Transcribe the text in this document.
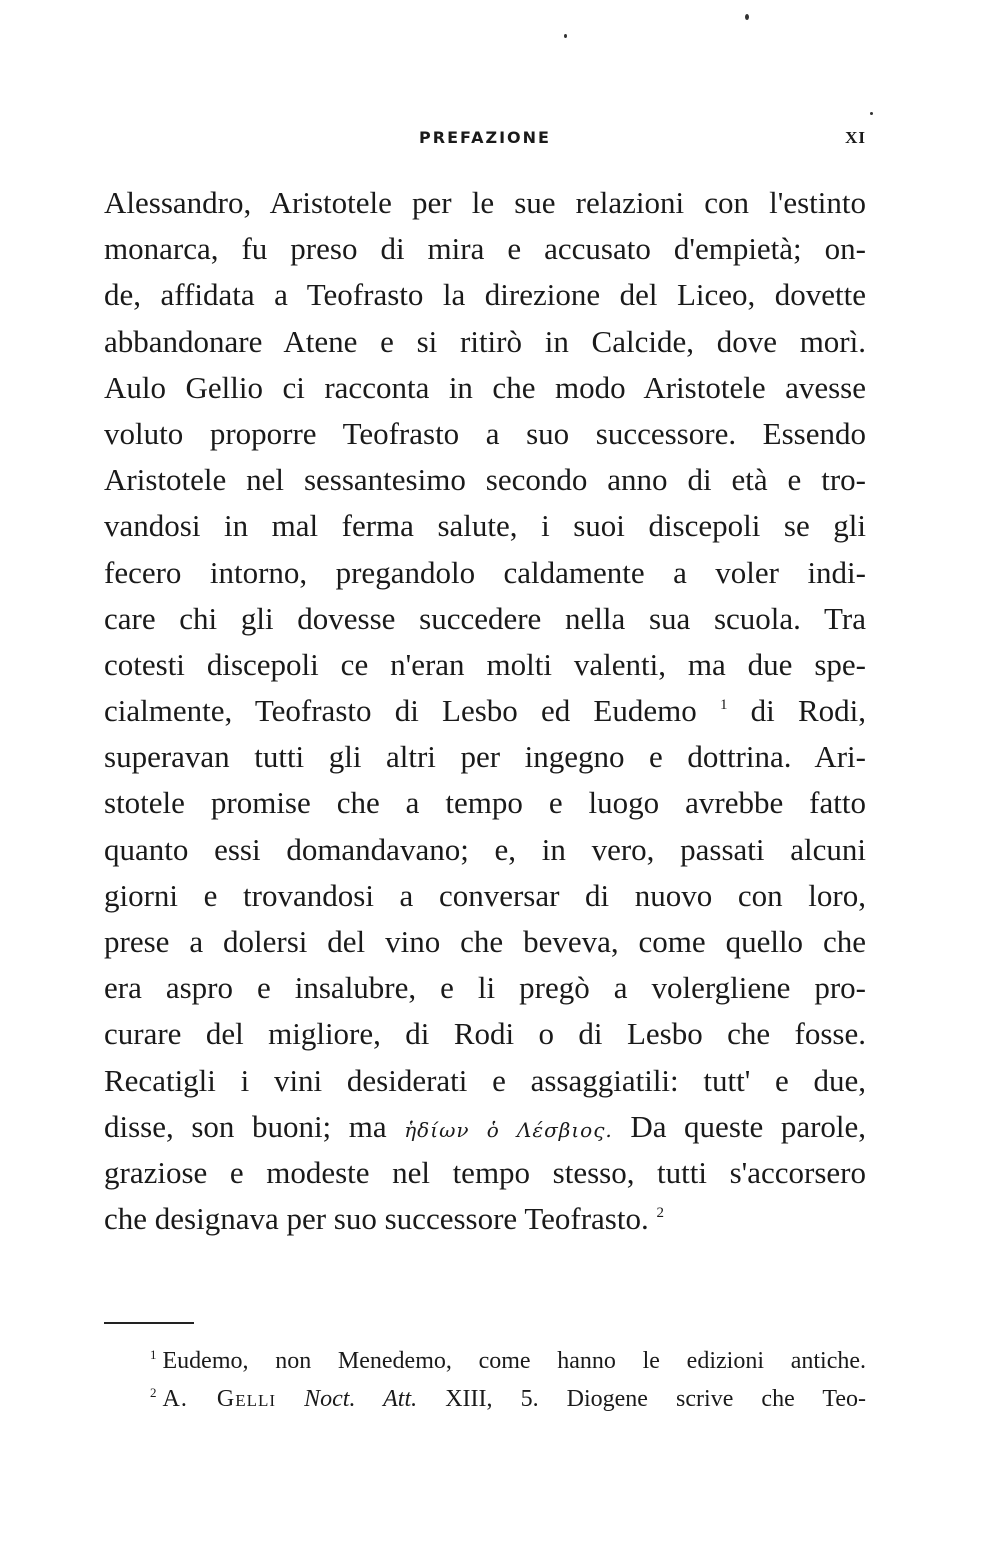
PREFAZIONE	XI
Alessandro, Aristotele per le sue relazioni con l'estinto
monarca, fu preso di mira e accusato d'empietà; on-
de, affidata a Teofrasto la direzione del Liceo, dovette
abbandonare Atene e si ritirò in Calcide, dove morì.
Aulo Gellio ci racconta in che modo Aristotele avesse
voluto proporre Teofrasto a suo successore. Essendo
Aristotele nel sessantesimo secondo anno di età e tro-
vandosi in mal ferma salute, i suoi discepoli se gli
fecero intorno, pregandolo caldamente a voler indi-
care chi gli dovesse succedere nella sua scuola. Tra
cotesti discepoli ce n'eran molti valenti, ma due spe-
cialmente, Teofrasto di Lesbo ed Eudemo $^1$ di Rodi,
superavan tutti gli altri per ingegno e dottrina. Ari-
stotele promise che a tempo e luogo avrebbe fatto
quanto essi domandavano; e, in vero, passati alcuni
giorni e trovandosi a conversar di nuovo con loro,
prese a dolersi del vino che beveva, come quello che
era aspro e insalubre, e li pregò a volergliene pro-
curare del migliore, di Rodi o di Lesbo che fosse.
Recatigli i vini desiderati e assaggiatili: tutt' e due,
disse, son buoni; ma ἡδίων ὁ Λέσβιος. Da queste parole,
graziose e modeste nel tempo stesso, tutti s'accorsero
che designava per suo successore Teofrasto. $^2$
$^1$ Eudemo, non Menedemo, come hanno le edizioni antiche.
$^2$ A. Gelli Noct. Att. XIII, 5. Diogene scrive che Teo-
